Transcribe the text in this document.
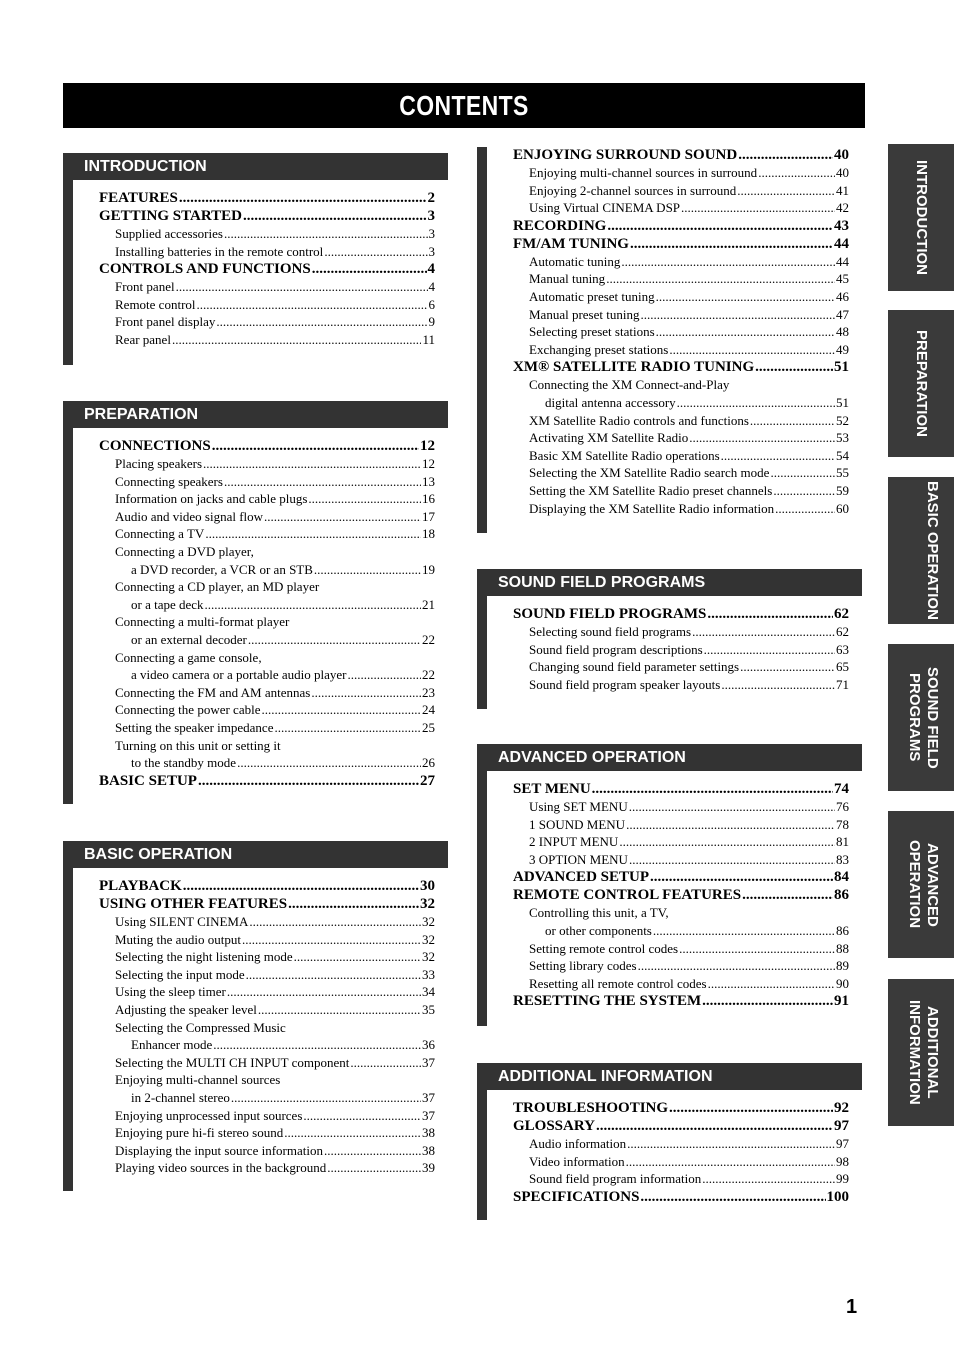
CONTENTS
INTRODUCTION
FEATURES .....	2
GETTING STARTED .....	3
Supplied accessories .....	3
Installing batteries in the remote control .....	3
CONTROLS AND FUNCTIONS .....	4
Front panel .....	4
Remote control .....	6
Front panel display .....	9
Rear panel .....	11
PREPARATION
CONNECTIONS .....	12
Placing speakers .....	12
Connecting speakers .....	13
Information on jacks and cable plugs .....	16
Audio and video signal flow .....	17
Connecting a TV .....	18
Connecting a DVD player,
a DVD recorder, a VCR or an STB .....	19
Connecting a CD player, an MD player
or a tape deck .....	21
Connecting a multi-format player
or an external decoder .....	22
Connecting a game console,
a video camera or a portable audio player .....	22
Connecting the FM and AM antennas .....	23
Connecting the power cable .....	24
Setting the speaker impedance .....	25
Turning on this unit or setting it
to the standby mode .....	26
BASIC SETUP .....	27
BASIC OPERATION
PLAYBACK .....	30
USING OTHER FEATURES .....	32
Using SILENT CINEMA .....	32
Muting the audio output .....	32
Selecting the night listening mode .....	32
Selecting the input mode .....	33
Using the sleep timer .....	34
Adjusting the speaker level .....	35
Selecting the Compressed Music
Enhancer mode .....	36
Selecting the MULTI CH INPUT component .....	37
Enjoying multi-channel sources
in 2-channel stereo .....	37
Enjoying unprocessed input sources .....	37
Enjoying pure hi-fi stereo sound .....	38
Displaying the input source information .....	38
Playing video sources in the background .....	39
ENJOYING SURROUND SOUND .....	40
Enjoying multi-channel sources in surround .....	40
Enjoying 2-channel sources in surround .....	41
Using Virtual CINEMA DSP .....	42
RECORDING .....	43
FM/AM TUNING .....	44
Automatic tuning .....	44
Manual tuning .....	45
Automatic preset tuning .....	46
Manual preset tuning .....	47
Selecting preset stations .....	48
Exchanging preset stations .....	49
XM® SATELLITE RADIO TUNING .....	51
Connecting the XM Connect-and-Play
digital antenna accessory .....	51
XM Satellite Radio controls and functions .....	52
Activating XM Satellite Radio .....	53
Basic XM Satellite Radio operations .....	54
Selecting the XM Satellite Radio search mode .....	55
Setting the XM Satellite Radio preset channels .....	59
Displaying the XM Satellite Radio information .....	60
SOUND FIELD PROGRAMS
SOUND FIELD PROGRAMS .....	62
Selecting sound field programs .....	62
Sound field program descriptions .....	63
Changing sound field parameter settings .....	65
Sound field program speaker layouts .....	71
ADVANCED OPERATION
SET MENU .....	74
Using SET MENU .....	76
1 SOUND MENU .....	78
2 INPUT MENU .....	81
3 OPTION MENU .....	83
ADVANCED SETUP .....	84
REMOTE CONTROL FEATURES .....	86
Controlling this unit, a TV,
or other components .....	86
Setting remote control codes .....	88
Setting library codes .....	89
Resetting all remote control codes .....	90
RESETTING THE SYSTEM .....	91
ADDITIONAL INFORMATION
TROUBLESHOOTING .....	92
GLOSSARY .....	97
Audio information .....	97
Video information .....	98
Sound field program information .....	99
SPECIFICATIONS .....	100
INTRODUCTION
PREPARATION
BASIC OPERATION
SOUND FIELD PROGRAMS
ADVANCED OPERATION
ADDITIONAL INFORMATION
1
